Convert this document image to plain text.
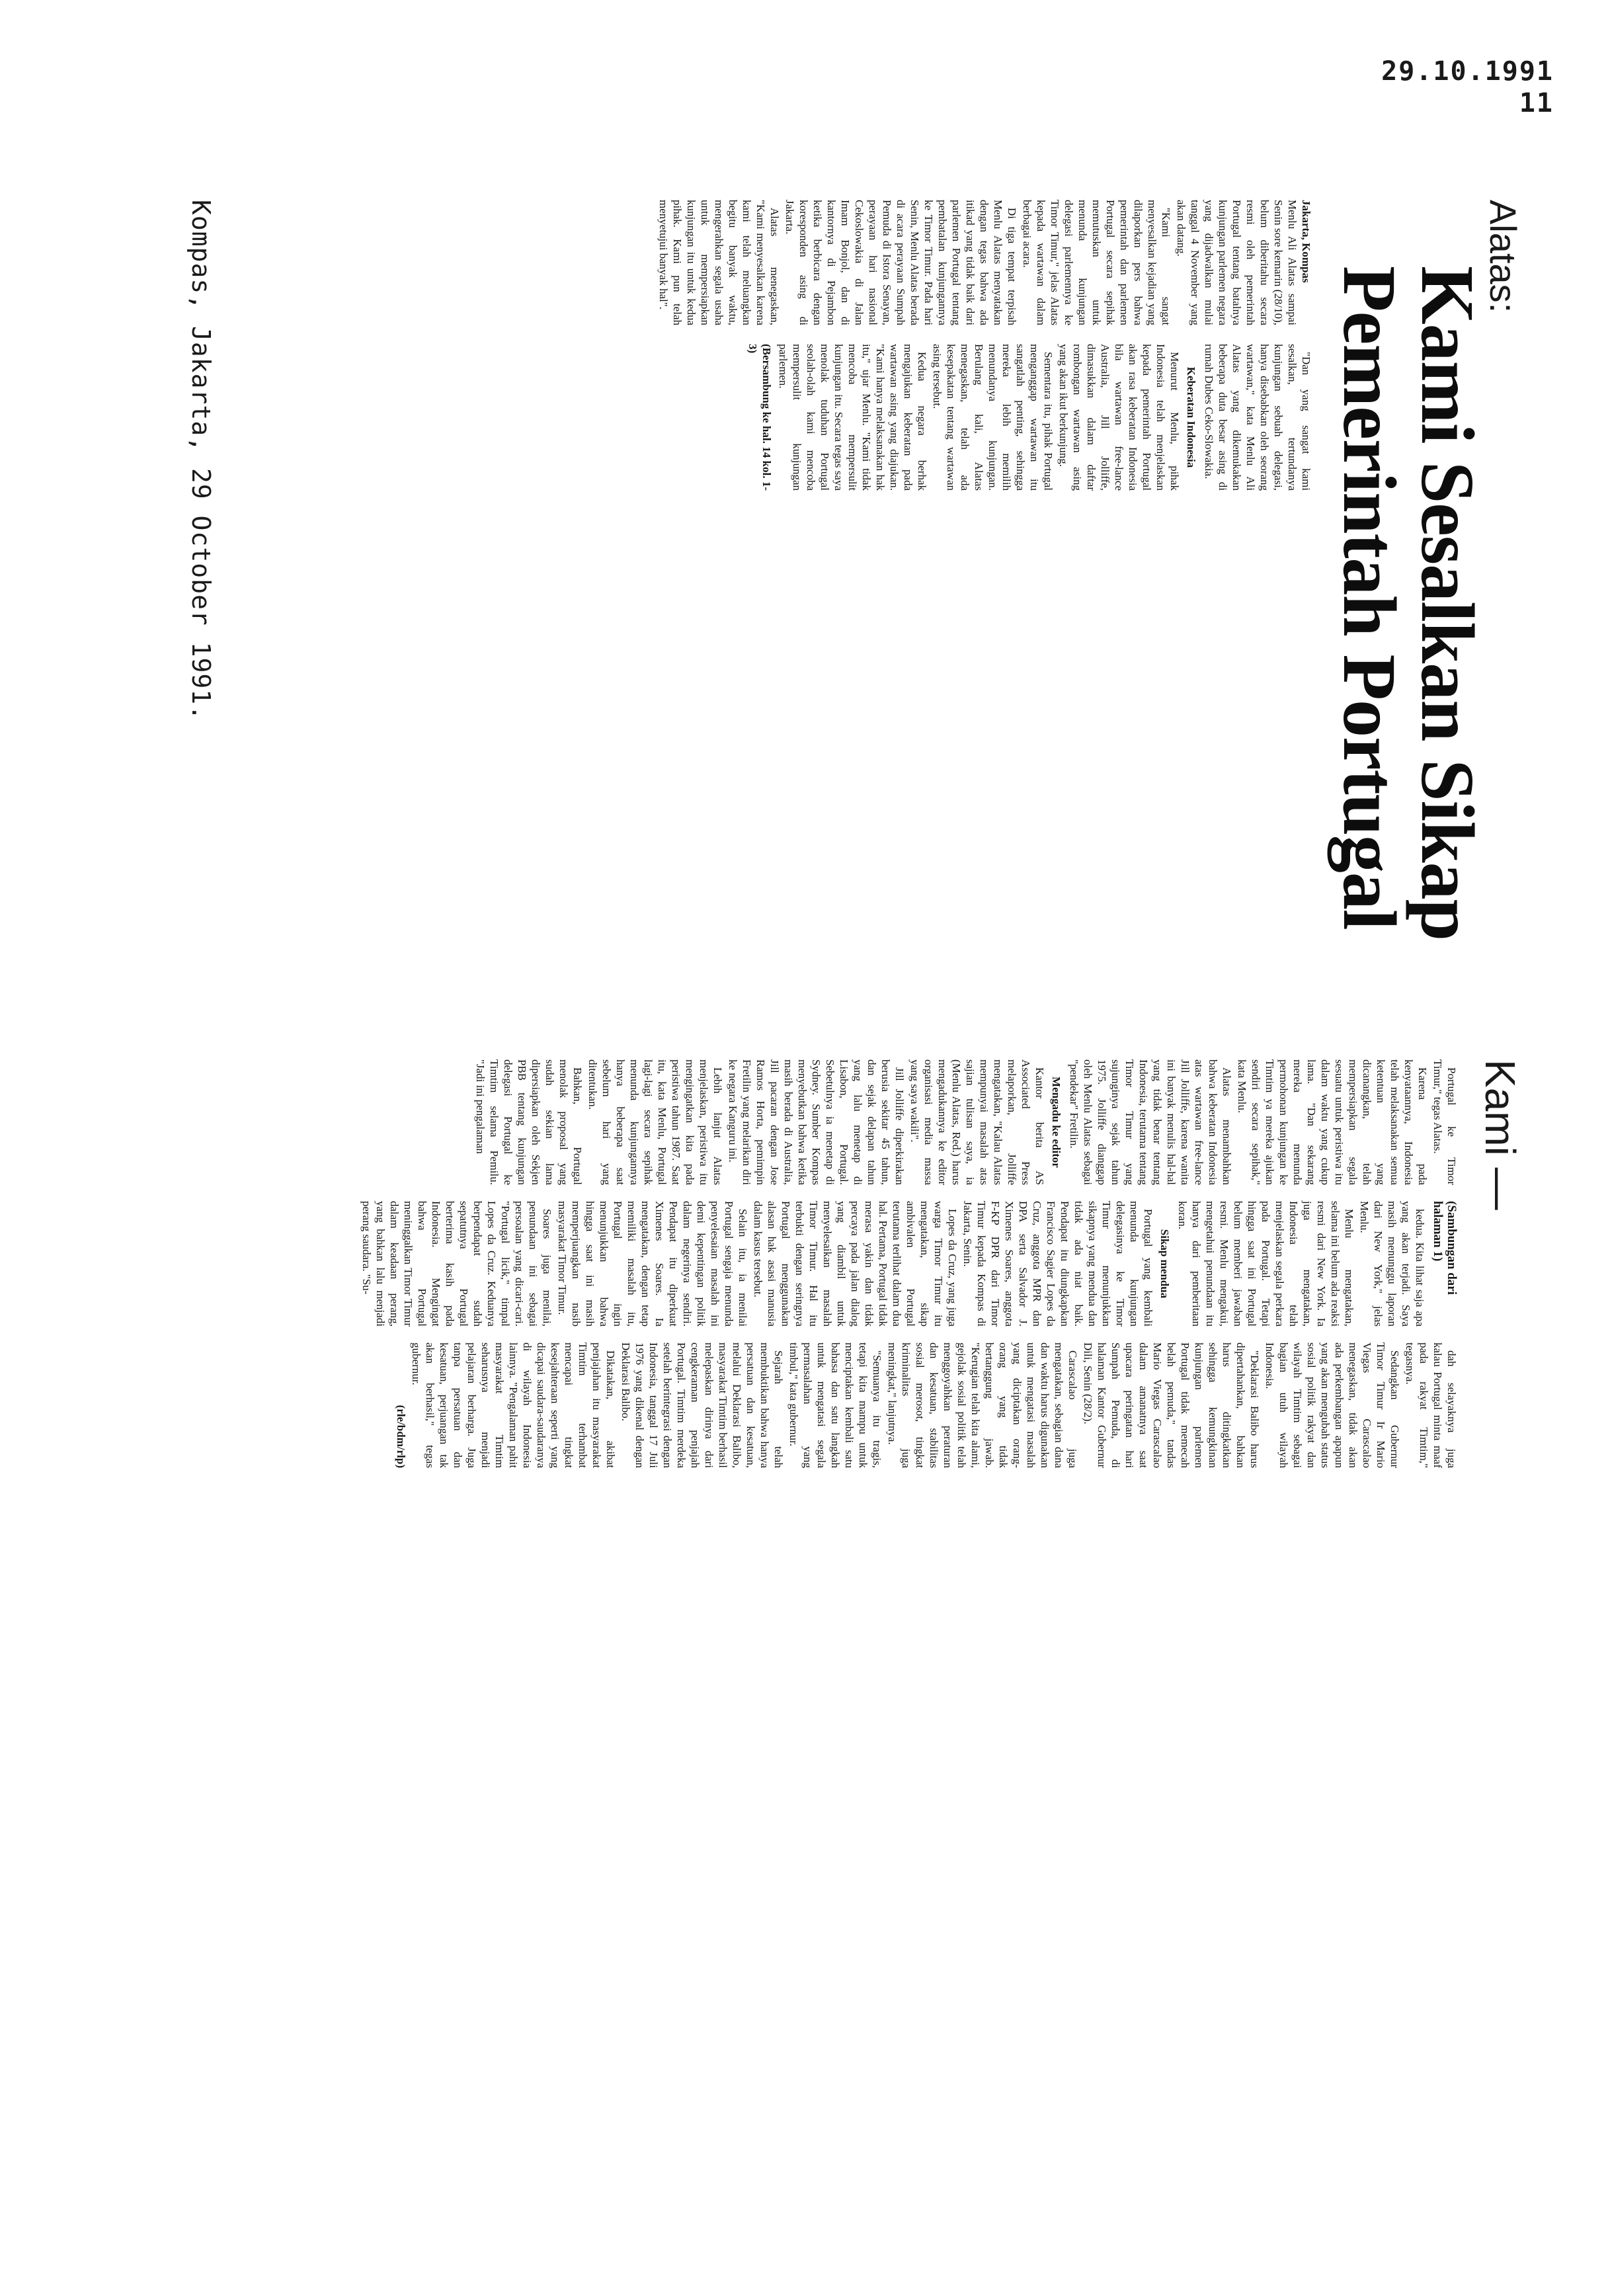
29.10.1991
11
Alatas:
Kami Sesalkan Sikap
Pemerintah Portugal

Jakarta, Kompas
Menlu Ali Alatas sampai Senin sore kemarin (28/10), belum diberitahu secara resmi oleh pemerintah Portugal tentang batalnya kunjungan parlemen negara yang dijadwalkan mulai tanggal 4 November yang akan datang.

"Kami sangat menyesalkan kejadian yang dilaporkan pers bahwa pemerintah dan parlemen Portugal secara sepihak memutuskan untuk menunda kunjungan delegasi parlemennya ke Timor Timur," jelas Alatas kepada wartawan dalam berbagai acara.

Di tiga tempat terpisah Menlu Alatas menyatakan dengan tegas bahwa ada itikad yang tidak baik dari parlemen Portugal tentang pembatalan kunjungannya ke Timor Timur. Pada hari Senin, Menlu Alatas berada di acara perayaan Sumpah Pemuda di Istora Senayan, perayaan hari nasional Cekoslowakia di Jalan Imam Bonjol, dan di kantornya di Pejambon ketika berbicara dengan koresponden asing di Jakarta.

Alatas menegaskan, "Kami menyesalkan karena kami telah meluangkan begitu banyak waktu, mengerahkan segala usaha untuk mempersiapkan kunjungan itu untuk kedua pihak. Kami pun telah menyetujui banyak hal".

"Dan yang sangat kami sesalkan, tertundanya kunjungan sebuah delegasi, hanya disebabkan oleh seorang wartawan," kata Menlu Ali Alatas yang dikemukakan beberapa duta besar asing di rumah Dubes Ceko-Slowakia.

Keberatan Indonesia

Menurut Menlu, pihak Indonesia telah menjelaskan kepada pemerintah Portugal akan rasa keberatan Indonesia bila wartawan free-lance Australia, Jill Jolliffe, dimasukkan dalam daftar rombongan wartawan asing yang akan ikut berkunjung.

Sementara itu, pihak Portugal menganggap wartawan itu sangatlah penting, sehingga mereka lebih memilih menundanya kunjungan. Berulang kali, Alatas menegaskan, telah ada kesepakatan tentang wartawan asing tersebut.

Kedua negara berhak mengajukan keberatan pada wartawan asing yang diajukan. "Kami hanya melaksanakan hak itu," ujar Menlu. "Kami tidak mencoba mempersulit kunjungan itu. Secara tegas saya menolak tuduhan Portugal seolah-olah kami mencoba mempersulit kunjungan parlemen.

(Bersambung ke hal. 14 kol. 1-3)

Kami —

Portugal ke Timor Timur," tegas Alatas.

Karena pada kenyataannya, Indonesia telah melaksanakan semua ketentuan yang dicanangkan, telah mempersiapkan segala sesuatu untuk peristiwa itu dalam waktu yang cukup lama. "Dan sekarang mereka menunda permohonan kunjungan ke Timtim ya mereka ajukan sendiri secara sepihak," kata Menlu.

Alatas menambahkan bahwa keberatan Indonesia atas wartawan free-lance Jill Jolliffe, karena wanita ini banyak menulis hal-hal yang tidak benar tentang Indonesia, terutama tentang Timor Timur yang sujunginya sejak tahun 1975. Jolliffe dianggap oleh Menlu Alatas sebagai "pendekar" Fretilin.

Mengadu ke editor

Kantor berita AS Associated Press melaporkan, Jolliffe mengatakan, "Kalau Alatas mempunyai masalah atas sajian tulisan saya, ia (Menlu Alatas, Red.) harus mengadukannya ke editor organisasi media massa yang saya wakili".

Jill Jolliffe diperkirakan berusia sekitar 45 tahun, dan sejak delapan tahun yang lalu menetap di Lisabon, Portugal. Sebetulnya ia menetap di Sydney. Sumber Kompas menyebutkan bahwa ketika masih berada di Australia, Jill pacaran dengan Jose Ramos Horta, pemimpin Fretilin yang melarikan diri ke negara Kanguru ini.

Lebih lanjut Alatas menjelaskan, peristiwa itu mengingatkan kita pada peristiwa tahun 1987. Saat itu, kata Menlu, Portugal lagi-lagi secara sepihak menunda kunjungannya hanya beberapa saat sebelum hari yang ditentukan.

Bahkan, Portugal menolak proposal yang sudah sekian lama dipersiapkan oleh Sekjen PBB tentang kunjungan delegasi Portugal ke Timtim selama Pemilu. "Jadi ini pengalaman

(Sambungan dari halaman 1)

kedua. Kita lihat saja apa yang akan terjadi. Saya masih menunggu laporan dari New York," jelas Menlu.

Menlu mengatakan, selama ini belum ada reaksi resmi dari New York. Ia juga mengatakan, Indonesia telah menjelaskan segala perkara pada Portugal. Tetapi hingga saat ini Portugal belum memberi jawaban resmi. Menlu mengakui, mengetahui penundaan itu hanya dari pemberitaan koran.

Sikap mendua

Portugal yang kembali menunda kunjungan delegasinya ke Timor Timur menunjukkan sikapnya yang mendua dan tidak ada niat baik. Pendapat itu diungkapkan Francisco Sagier Lopes da Cruz, anggota MPR dan DPA serta Salvador J. Ximenes Soares, anggota F-KP DPR dari Timor Timur kepada Kompas di Jakarta, Senin.

Lopes da Cruz, yang juga warga Timor Timur itu mengatakan, sikap ambivalen Portugal terutama terlihat dalam dua hal. Pertama, Portugal tidak merasa yakin dan tidak percaya pada jalan dialog yang diambil untuk menyelesaikan masalah Timor Timur. Hal itu terbukti dengan seringnya Portugal menggunakan alasan hak asasi manusia dalam kasus tersebut.

Selain itu, ia menilai Portugal sengaja menunda penyelesaian masalah ini demi kepentingan politik dalam negerinya sendiri. Pendapat itu diperkuat Ximenes Soares. Ia mengatakan, dengan tetap memiliki masalah itu, Portugal ingin menunjukkan bahwa hingga saat ini masih memperjuangkan nasib masyarakat Timor Timur.

Soares juga menilai, penundaan ini sebagai persoalan yang dicari-cari. "Portugal licik," timpal Lopes da Cruz. Keduanya berpendapat sudah sepatutnya Portugal berterima kasih pada Indonesia. Mengingat bahwa Portugal meninggalkan Timor Timur dalam keadaan perang, yang bahkan lalu menjadi perang saudara. "Su-

dah selayaknya juga kalau Portugal minta maaf pada rakyat Timtim," tegasnya.

Sedangkan Gubernur Timor Timur Ir Mario Viegas Carascalao menegaskan, tidak akan ada perkembangan apapun yang akan mengubah status sosial politik rakyat dan wilayah Timtim sebagai bagian utuh wilayah Indonesia.

"Deklarasi Balibo harus dipertahankan, bahkan harus ditingkatkan sehingga kemungkinan kunjungan parlemen Portugal tidak memecah belah pemuda," tandas Mario Viegas Carascalao dalam amanatnya saat upacara peringatan hari Sumpah Pemuda, di halaman Kantor Gubernur Dili, Senin (28/2).

Carascalao juga mengatakan, sebagian dana dan waktu harus digunakan untuk mengatasi masalah yang diciptakan orang-orang yang tidak bertanggung jawab. "Kerugian telah kita alami, gejolak sosial politik telah menggoyahkan peraturan dan kesatuan, stabilitas sosial merosot, tingkat kriminalitas juga meningkat," lanjutnya.

"Semuanya itu tragis, tetapi kita mampu untuk menciptakan kembali satu bahasa dan satu langkah untuk mengatasi segala permasalahan yang timbul," kata gubernur.

Sejarah telah membuktikan bahwa hanya persatuan dan kesatuan, melalui Deklarasi Balibo, masyarakat Timtim berhasil melepaskan dirinya dari cengkeraman penjajah Portugal. Timtim merdeka setelah berintegrasi dengan Indonesia, tanggal 17 Juli 1976 yang dikenal dengan Deklarasi Balibo.

Dikatakan, akibat penjajahan itu masyarakat Timtim terhambat mencapai tingkat kesejahteraan seperti yang dicapai saudara-saudaranya di wilayah Indonesia lainnya. "Pengalaman pahit masyarakat Timtim seharusnya menjadi pelajaran berharga. Juga tanpa persatuan dan kesatuan, perjuangan tak akan berhasil," tegas gubernur.

(rle/bdm/rlp)

Kompas, Jakarta, 29 October 1991.
